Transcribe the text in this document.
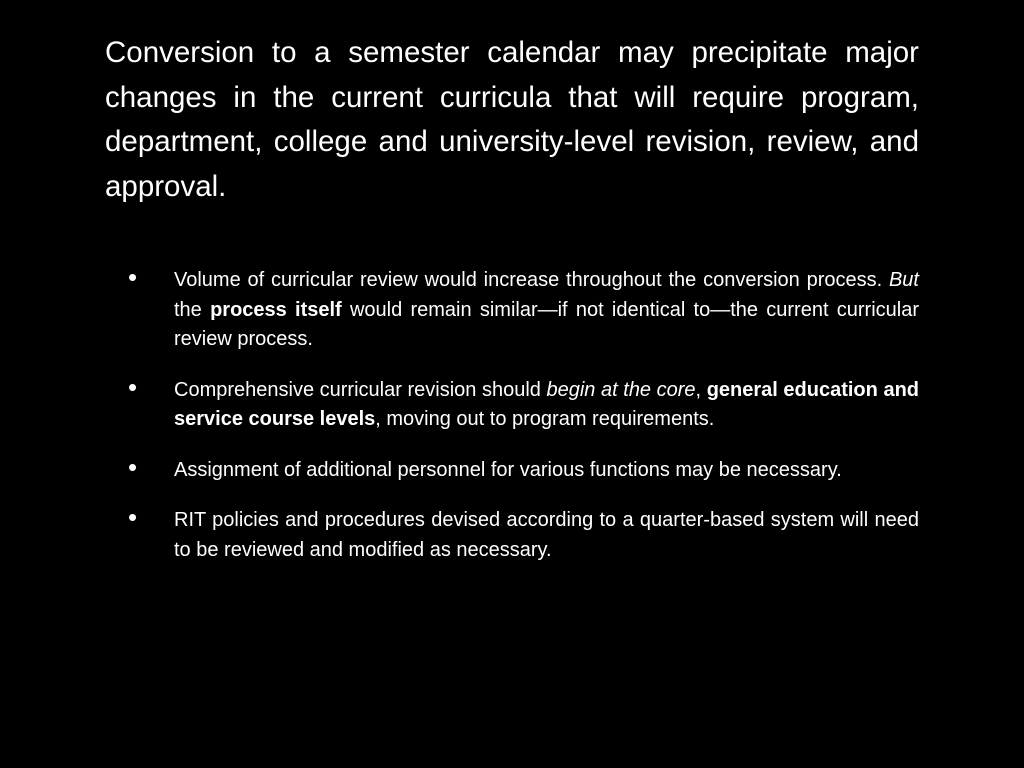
Conversion to a semester calendar may precipitate major changes in the current curricula that will require program, department, college and university-level revision, review, and approval.

• Volume of curricular review would increase throughout the conversion process. But the process itself would remain similar—if not identical to—the current curricular review process.
• Comprehensive curricular revision should begin at the core, general education and service course levels, moving out to program requirements.
• Assignment of additional personnel for various functions may be necessary.
• RIT policies and procedures devised according to a quarter-based system will need to be reviewed and modified as necessary.
